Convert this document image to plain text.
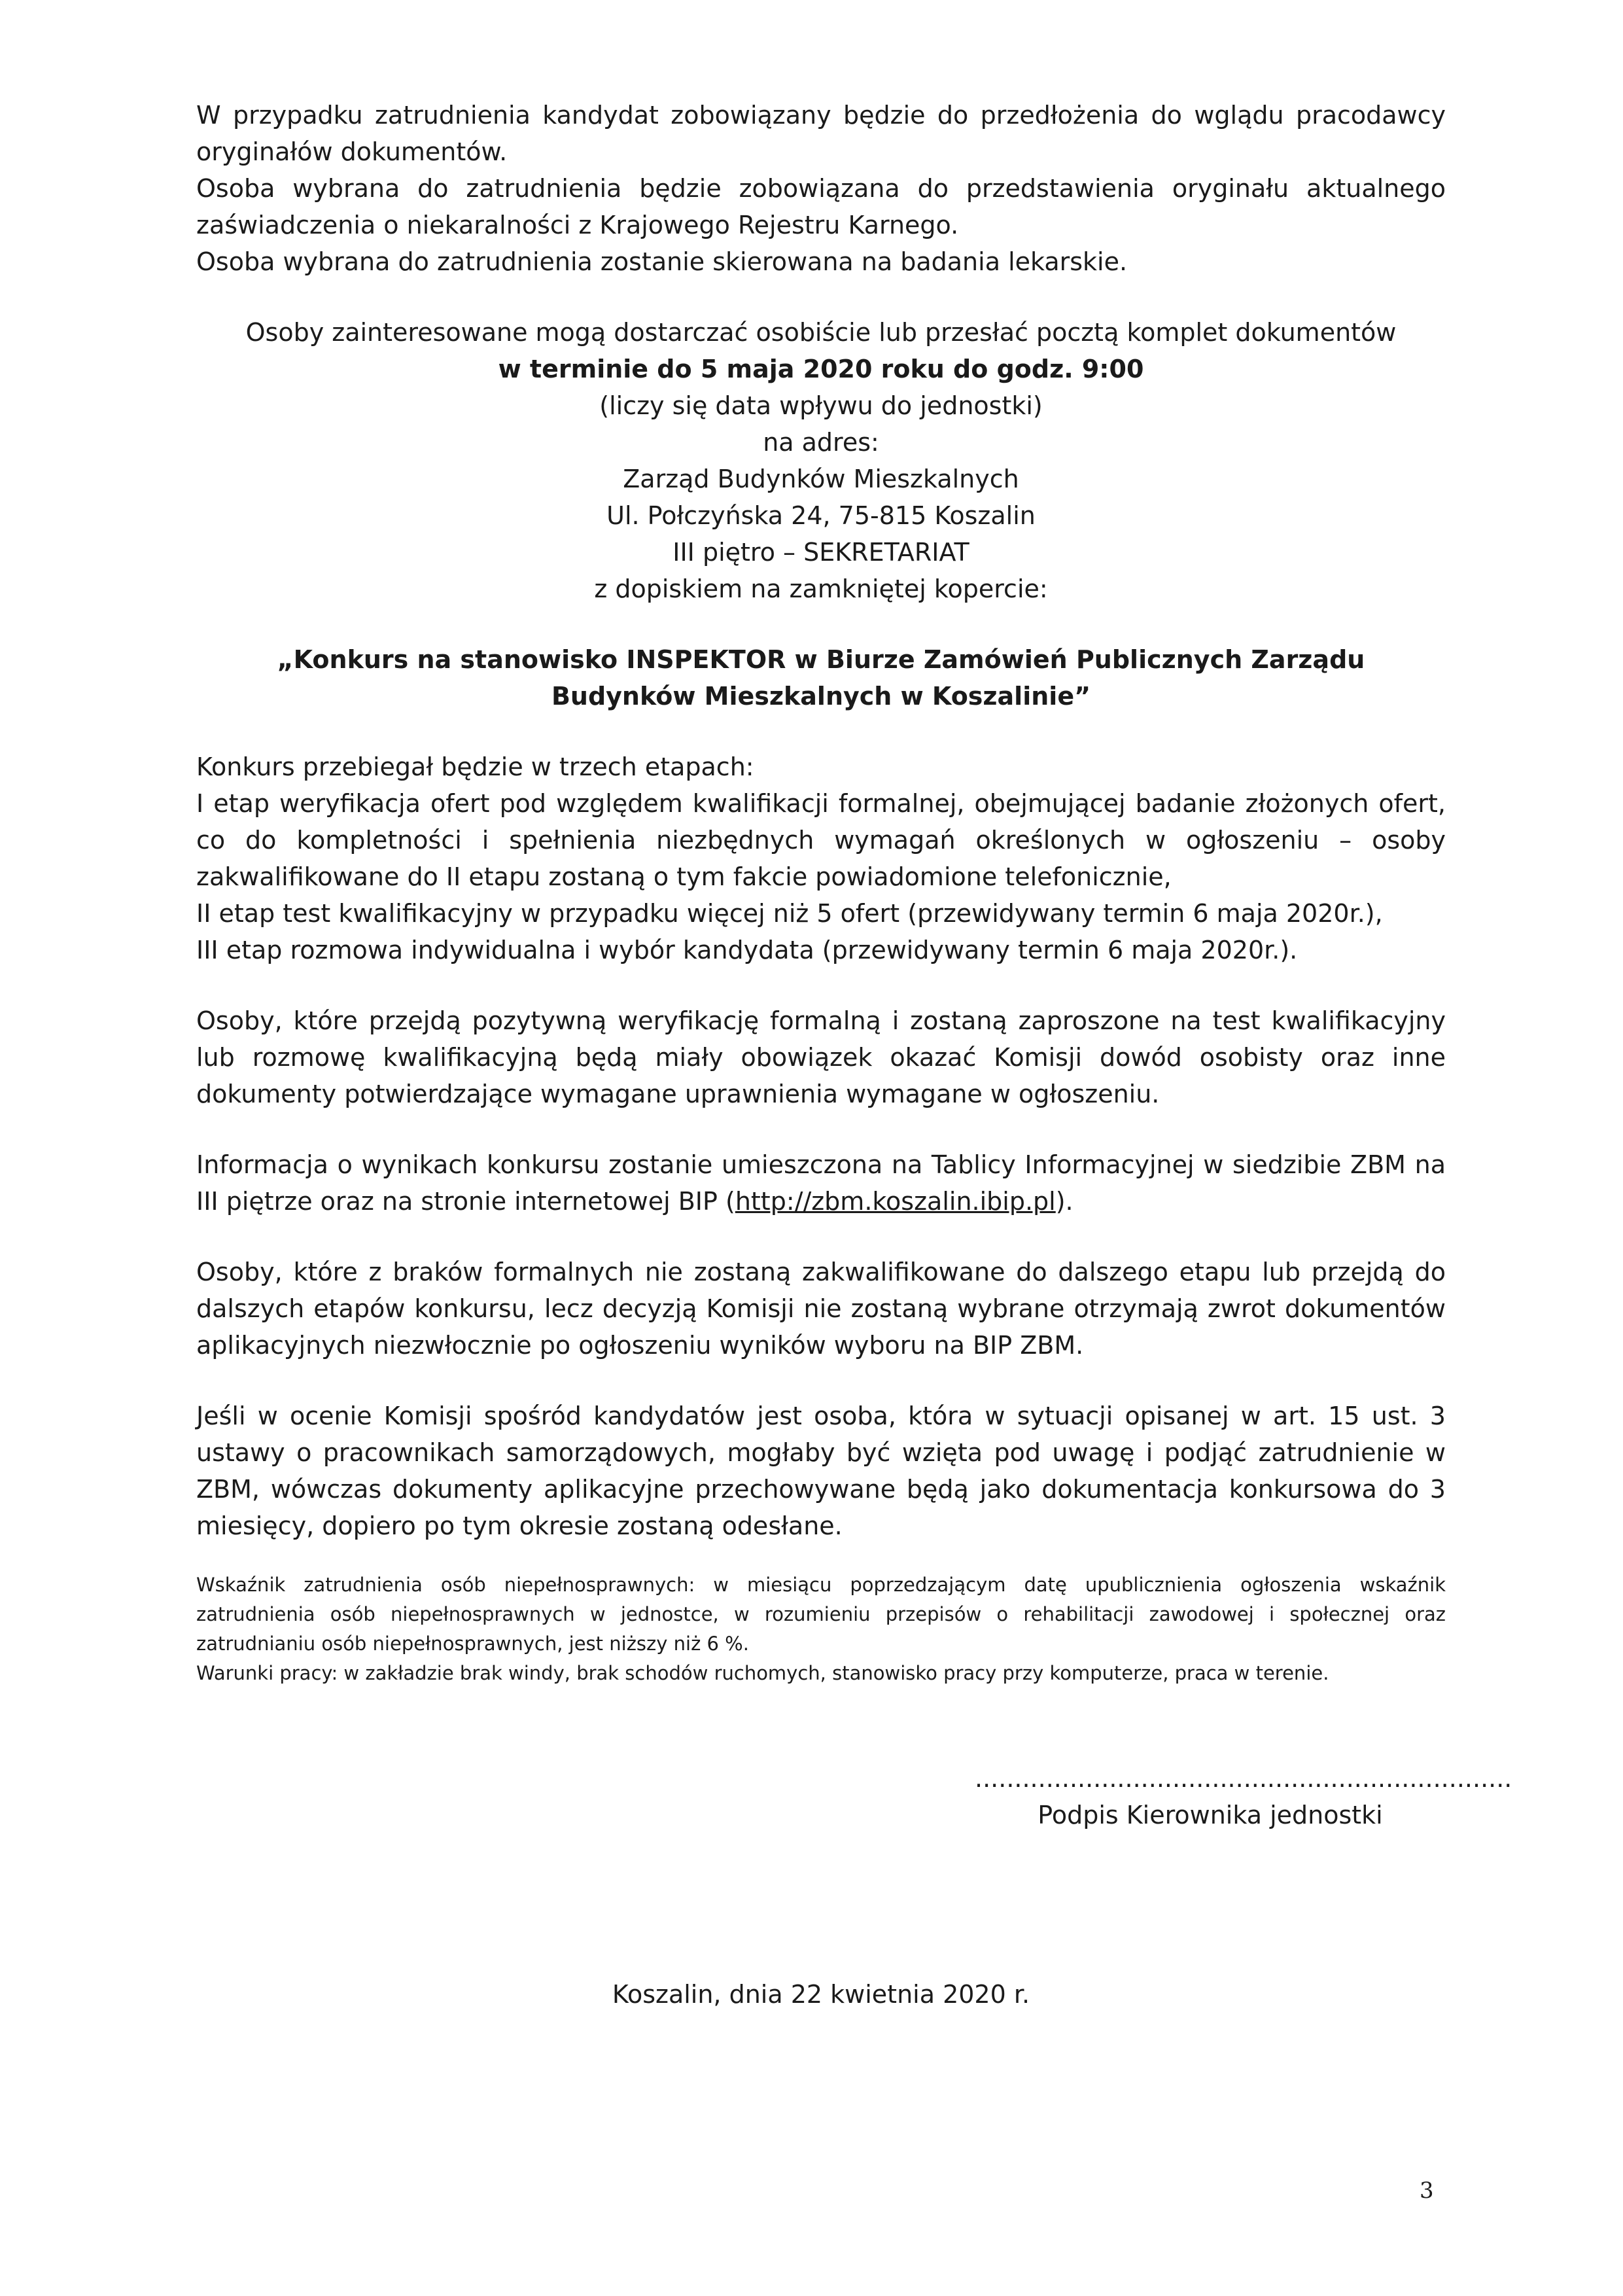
W przypadku zatrudnienia kandydat zobowiązany będzie do przedłożenia do wglądu pracodawcy oryginałów dokumentów.

Osoba wybrana do zatrudnienia będzie zobowiązana do przedstawienia oryginału aktualnego zaświadczenia o niekaralności z Krajowego Rejestru Karnego.

Osoba wybrana do zatrudnienia zostanie skierowana na badania lekarskie.

Osoby zainteresowane mogą dostarczać osobiście lub przesłać pocztą komplet dokumentów

w terminie do 5 maja 2020 roku do godz. 9:00

(liczy się data wpływu do jednostki)

na adres:

Zarząd Budynków Mieszkalnych

Ul. Połczyńska 24, 75-815 Koszalin

III piętro – SEKRETARIAT

z dopiskiem na zamkniętej kopercie:

„Konkurs na stanowisko INSPEKTOR w Biurze Zamówień Publicznych Zarządu Budynków Mieszkalnych w Koszalinie”

Konkurs przebiegał będzie w trzech etapach:

I etap weryfikacja ofert pod względem kwalifikacji formalnej, obejmującej badanie złożonych ofert, co do kompletności i spełnienia niezbędnych wymagań określonych w ogłoszeniu – osoby zakwalifikowane do II etapu zostaną o tym fakcie powiadomione telefonicznie,

II etap test kwalifikacyjny w przypadku więcej niż 5 ofert (przewidywany termin 6 maja 2020r.),

III etap rozmowa indywidualna i wybór kandydata (przewidywany termin 6 maja 2020r.).

Osoby, które przejdą pozytywną weryfikację formalną i zostaną zaproszone na test kwalifikacyjny lub rozmowę kwalifikacyjną będą miały obowiązek okazać Komisji dowód osobisty oraz inne dokumenty potwierdzające wymagane uprawnienia wymagane w ogłoszeniu.

Informacja o wynikach konkursu zostanie umieszczona na Tablicy Informacyjnej w siedzibie ZBM na III piętrze oraz na stronie internetowej BIP (http://zbm.koszalin.ibip.pl).

Osoby, które z braków formalnych nie zostaną zakwalifikowane do dalszego etapu lub przejdą do dalszych etapów konkursu, lecz decyzją Komisji nie zostaną wybrane otrzymają zwrot dokumentów aplikacyjnych niezwłocznie po ogłoszeniu wyników wyboru na BIP ZBM.

Jeśli w ocenie Komisji spośród kandydatów jest osoba, która w sytuacji opisanej w art. 15 ust. 3 ustawy o pracownikach samorządowych, mogłaby być wzięta pod uwagę i podjąć zatrudnienie w ZBM, wówczas dokumenty aplikacyjne przechowywane będą jako dokumentacja konkursowa do 3 miesięcy, dopiero po tym okresie zostaną odesłane.

Wskaźnik zatrudnienia osób niepełnosprawnych: w miesiącu poprzedzającym datę upublicznienia ogłoszenia wskaźnik zatrudnienia osób niepełnosprawnych w jednostce, w rozumieniu przepisów o rehabilitacji zawodowej i społecznej oraz zatrudnianiu osób niepełnosprawnych, jest niższy niż 6 %.

Warunki pracy: w zakładzie brak windy, brak schodów ruchomych, stanowisko pracy przy komputerze, praca w terenie.

....................................................................
Podpis Kierownika jednostki
Koszalin, dnia 22 kwietnia 2020 r.
3
